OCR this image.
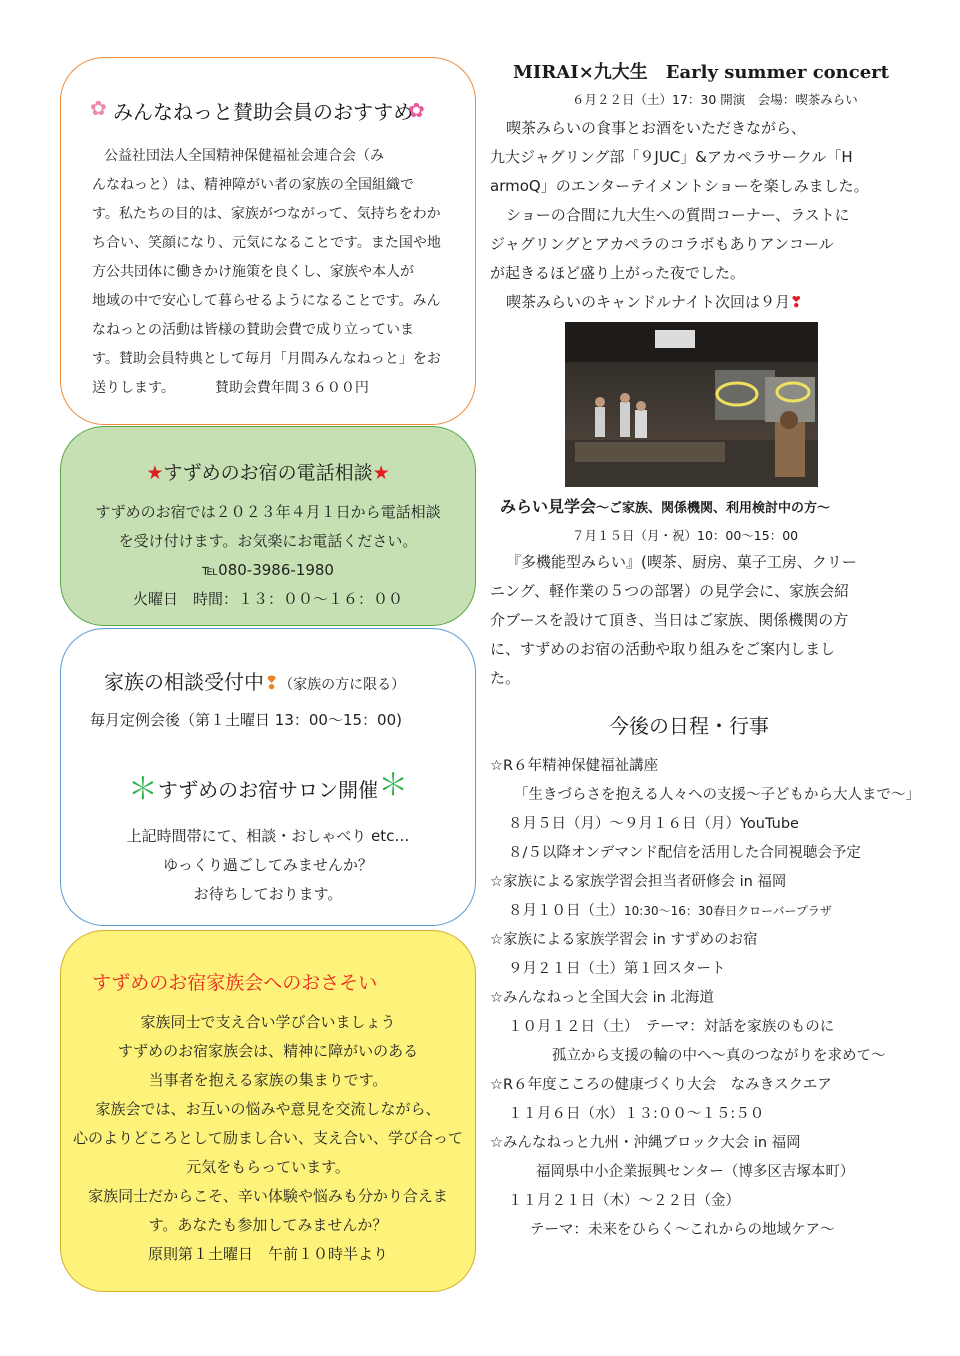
✿ みんなねっと賛助会員のおすすめ
✿
公益社団法人全国精神保健福祉会連合会（み
んなねっと）は、精神障がい者の家族の全国組織で
す。私たちの目的は、家族がつながって、気持ちをわか
ち合い、笑顔になり、元気になることです。また国や地
方公共団体に働きかけ施策を良くし、家族や本人が
地域の中で安心して暮らせるようになることです。みん
なねっとの活動は皆様の賛助会費で成り立っていま
す。賛助会員特典として毎月「月間みんなねっと」をお
送りします。	賛助会費年間３６００円
★すずめのお宿の電話相談★
すずめのお宿では２０２３年４月１日から電話相談
を受け付けます。お気楽にお電話ください。
℡080-3986-1980
火曜日　時間：１３：００～１６：００
家族の相談受付中❢（家族の方に限る）
毎月定例会後（第１土曜日 13：00～15：00)
＊すずめのお宿サロン開催＊
上記時間帯にて、相談・おしゃべり etc…
ゆっくり過ごしてみませんか？
お待ちしております。
すずめのお宿家族会へのおさそい
家族同士で支え合い学び合いましょう
すずめのお宿家族会は、精神に障がいのある
当事者を抱える家族の集まりです。
家族会では、お互いの悩みや意見を交流しながら、
心のよりどころとして励まし合い、支え合い、学び合って
元気をもらっています。
家族同士だからこそ、辛い体験や悩みも分かり合えま
す。あなたも参加してみませんか？
原則第１土曜日　午前１０時半より
MIRAI×九大生　Early summer concert
６月２２日（土）17：30 開演　会場：喫茶みらい
喫茶みらいの食事とお酒をいただきながら、
九大ジャグリング部「９JUC」&アカペラサークル「H
armoQ」のエンターテイメントショーを楽しみました。
ショーの合間に九大生への質問コーナー、ラストに
ジャグリングとアカペラのコラボもありアンコール
が起きるほど盛り上がった夜でした。
喫茶みらいのキャンドルナイト次回は９月❣
みらい見学会～ご家族、関係機関、利用検討中の方～
７月１５日（月・祝）10：00～15：00
『多機能型みらい』(喫茶、厨房、菓子工房、クリー
ニング、軽作業の５つの部署）の見学会に、家族会紹
介ブースを設けて頂き、当日はご家族、関係機関の方
に、すずめのお宿の活動や取り組みをご案内しまし
た。
今後の日程・行事
☆R６年精神保健福祉講座
「生きづらさを抱える人々への支援～子どもから大人まで～」
８月５日（月）～９月１６日（月）YouTube
８/５以降オンデマンド配信を活用した合同視聴会予定
☆家族による家族学習会担当者研修会 in 福岡
８月１０日（土）10:30～16：30春日クローバープラザ
☆家族による家族学習会 in すずめのお宿
９月２１日（土）第１回スタート
☆みんなねっと全国大会 in 北海道
１０月１２日（土）　テーマ：対話を家族のものに
孤立から支援の輪の中へ～真のつながりを求めて～
☆R６年度こころの健康づくり大会　なみきスクエア
１１月６日（水）１３:００～１５:５０
☆みんなねっと九州・沖縄ブロック大会 in 福岡
福岡県中小企業振興センター（博多区吉塚本町）
１１月２１日（木）～２２日（金）
テーマ：未来をひらく～これからの地域ケア～
